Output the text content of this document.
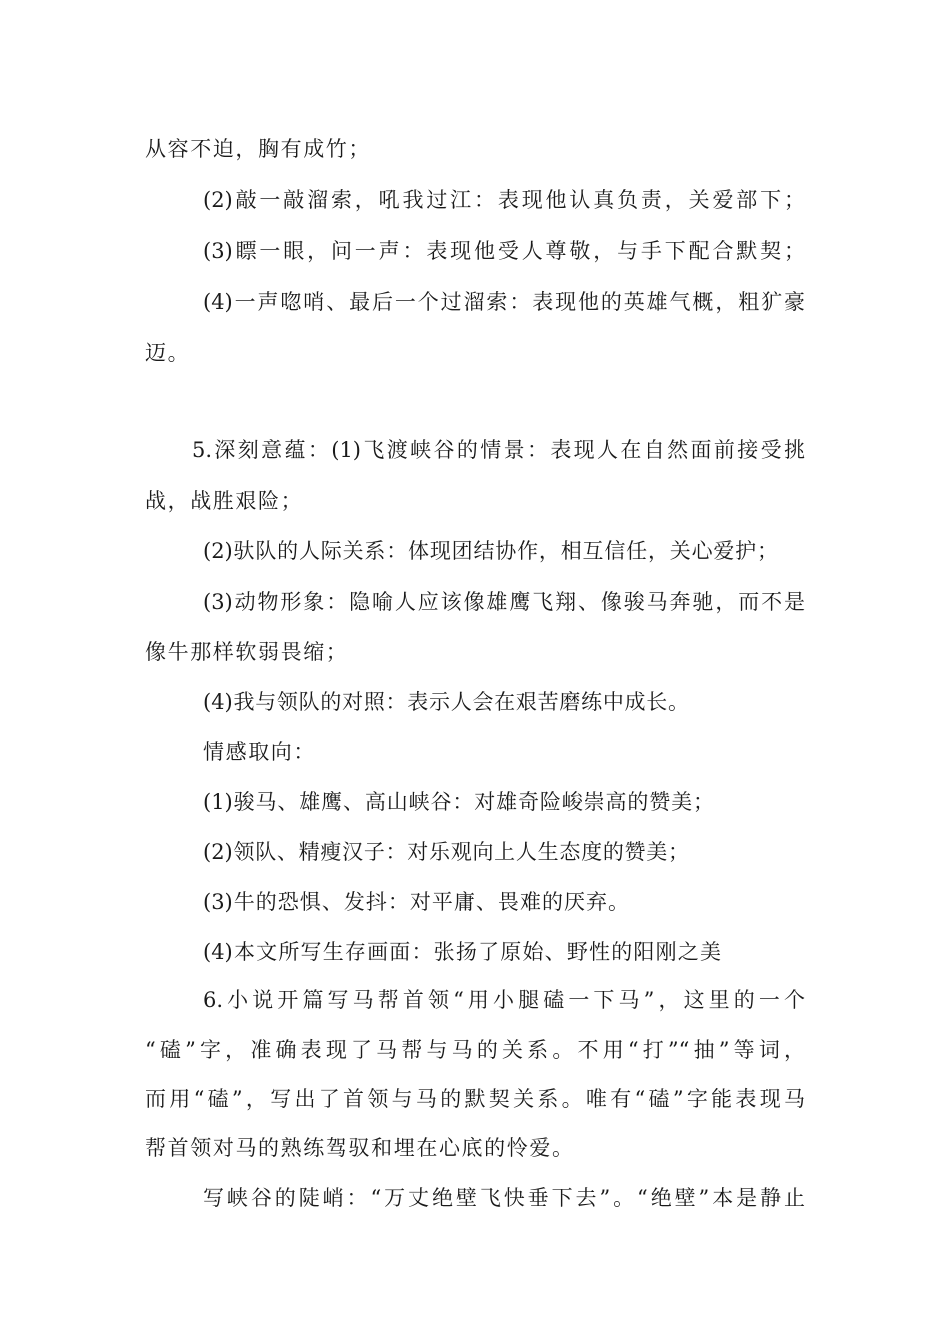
从容不迫，胸有成竹；

(2)敲一敲溜索，吼我过江：表现他认真负责，关爱部下；

(3)瞟一眼，问一声：表现他受人尊敬，与手下配合默契；

(4)一声唿哨、最后一个过溜索：表现他的英雄气概，粗犷豪

迈。

5.深刻意蕴：(1)飞渡峡谷的情景：表现人在自然面前接受挑

战，战胜艰险；

(2)驮队的人际关系：体现团结协作，相互信任，关心爱护；

(3)动物形象：隐喻人应该像雄鹰飞翔、像骏马奔驰，而不是

像牛那样软弱畏缩；

(4)我与领队的对照：表示人会在艰苦磨练中成长。

情感取向：

(1)骏马、雄鹰、高山峡谷：对雄奇险峻崇高的赞美；

(2)领队、精瘦汉子：对乐观向上人生态度的赞美；

(3)牛的恐惧、发抖：对平庸、畏难的厌弃。

(4)本文所写生存画面：张扬了原始、野性的阳刚之美

6.小说开篇写马帮首领“用小腿磕一下马”，这里的一个

“磕”字，准确表现了马帮与马的关系。不用“打”“抽”等词，

而用“磕”，写出了首领与马的默契关系。唯有“磕”字能表现马

帮首领对马的熟练驾驭和埋在心底的怜爱。

写峡谷的陡峭：“万丈绝壁飞快垂下去”。“绝壁”本是静止
